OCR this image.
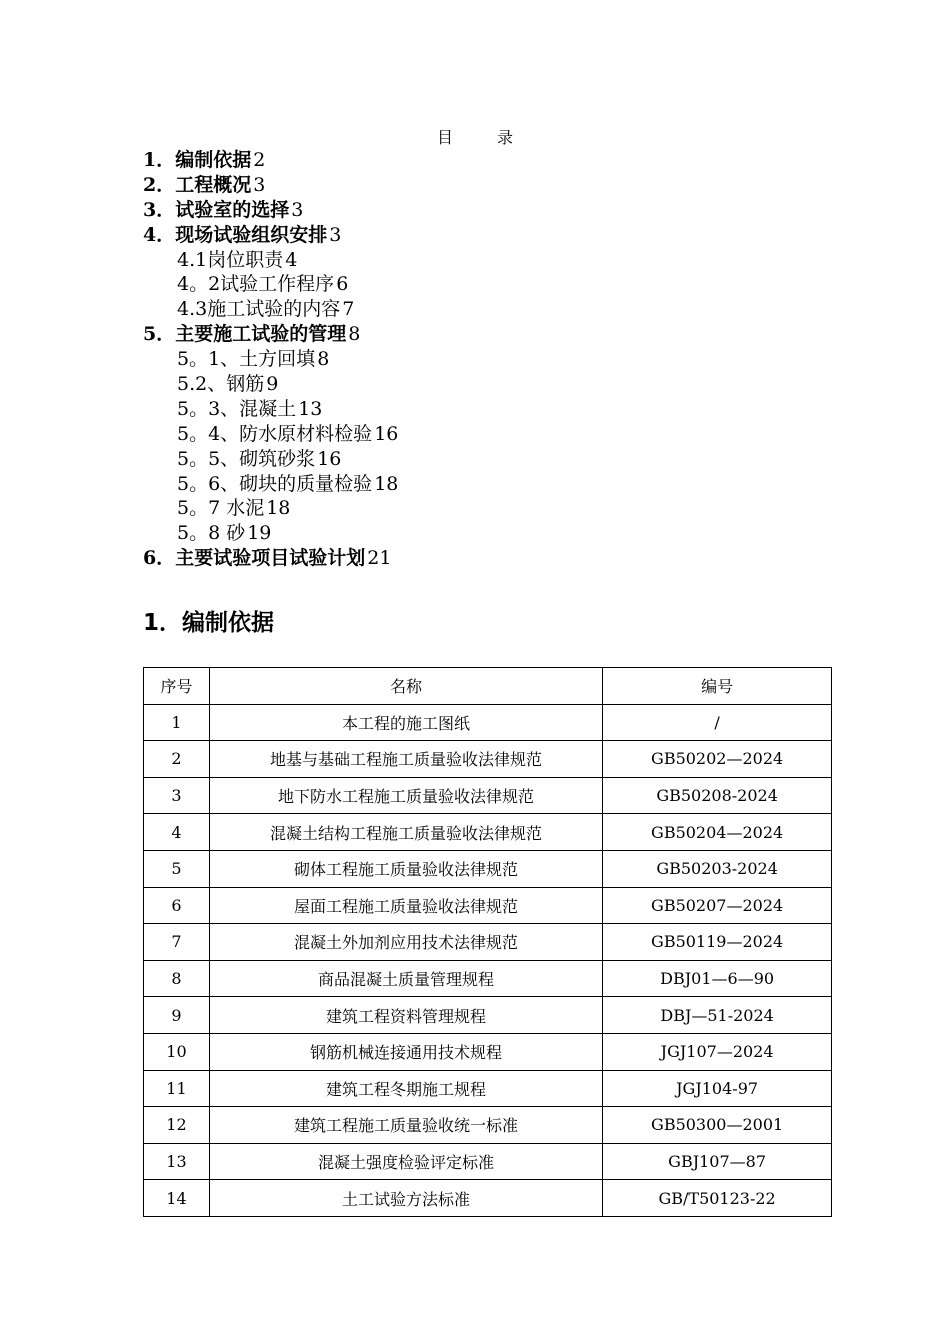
目	录
1．编制依据 2
2．工程概况 3
3．试验室的选择 3
4．现场试验组织安排 3
4.1岗位职责 4
4。2试验工作程序 6
4.3施工试验的内容 7
5．主要施工试验的管理 8
5。1、土方回填 8
5.2、钢筋 9
5。3、混凝土 13
5。4、防水原材料检验 16
5。5、砌筑砂浆 16
5。6、砌块的质量检验 18
5。7 水泥 18
5。8 砂 19
6．主要试验项目试验计划 21
1．编制依据
序号	名称	编号
1	本工程的施工图纸	/
2	地基与基础工程施工质量验收法律规范	GB50202—2024
3	地下防水工程施工质量验收法律规范	GB50208-2024
4	混凝土结构工程施工质量验收法律规范	GB50204—2024
5	砌体工程施工质量验收法律规范	GB50203-2024
6	屋面工程施工质量验收法律规范	GB50207—2024
7	混凝土外加剂应用技术法律规范	GB50119—2024
8	商品混凝土质量管理规程	DBJ01—6—90
9	建筑工程资料管理规程	DBJ—51-2024
10	钢筋机械连接通用技术规程	JGJ107—2024
11	建筑工程冬期施工规程	JGJ104-97
12	建筑工程施工质量验收统一标准	GB50300—2001
13	混凝土强度检验评定标准	GBJ107—87
14	土工试验方法标准	GB/T50123-22
